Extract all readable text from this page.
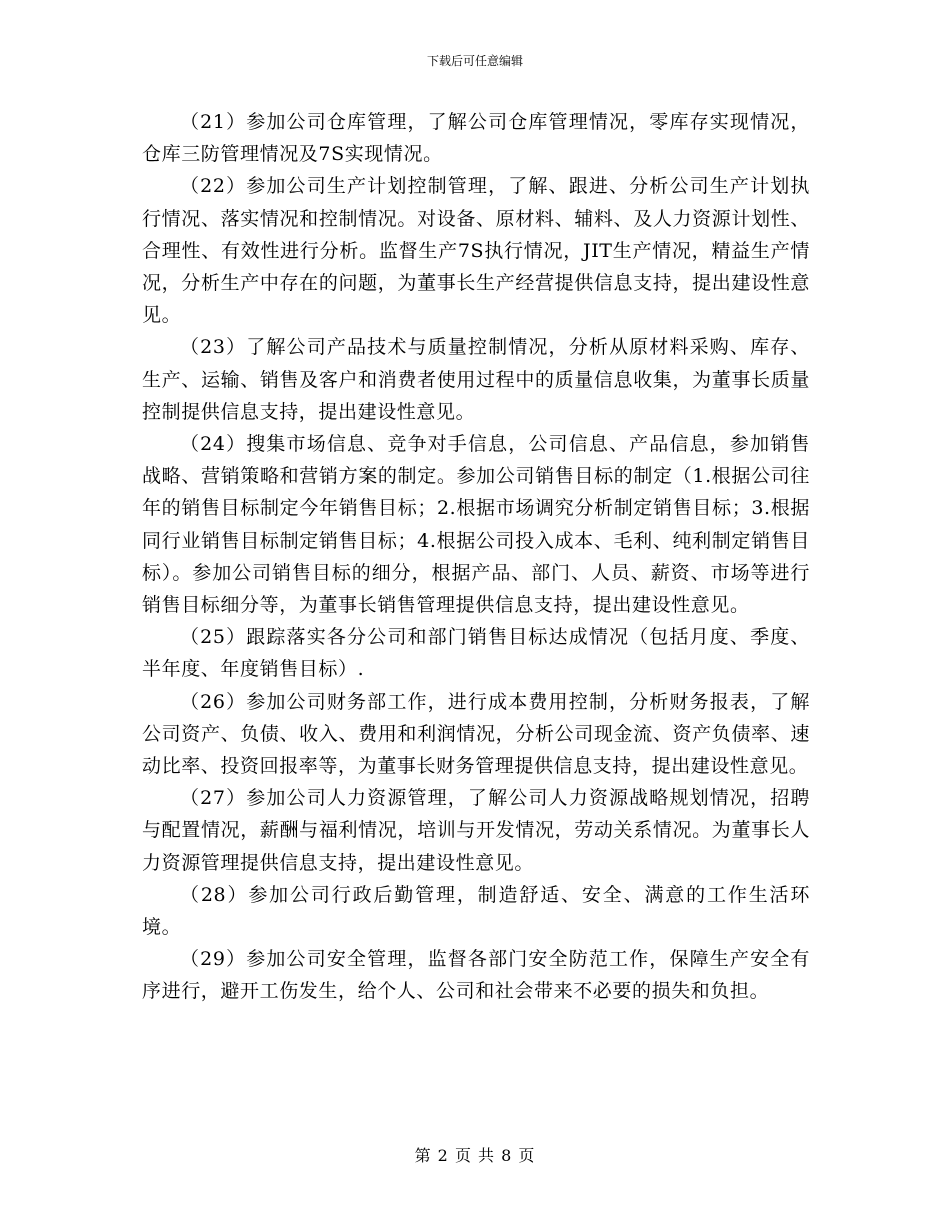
下载后可任意编辑

（21）参加公司仓库管理，了解公司仓库管理情况，零库存实现情况，仓库三防管理情况及7S实现情况。

（22）参加公司生产计划控制管理，了解、跟进、分析公司生产计划执行情况、落实情况和控制情况。对设备、原材料、辅料、及人力资源计划性、合理性、有效性进行分析。监督生产7S执行情况，JIT生产情况，精益生产情况，分析生产中存在的问题，为董事长生产经营提供信息支持，提出建设性意见。

（23）了解公司产品技术与质量控制情况，分析从原材料采购、库存、生产、运输、销售及客户和消费者使用过程中的质量信息收集，为董事长质量控制提供信息支持，提出建设性意见。

（24）搜集市场信息、竞争对手信息，公司信息、产品信息，参加销售战略、营销策略和营销方案的制定。参加公司销售目标的制定（1.根据公司往年的销售目标制定今年销售目标；2.根据市场调究分析制定销售目标；3.根据同行业销售目标制定销售目标；4.根据公司投入成本、毛利、纯利制定销售目标）。参加公司销售目标的细分，根据产品、部门、人员、薪资、市场等进行销售目标细分等，为董事长销售管理提供信息支持，提出建设性意见。

（25）跟踪落实各分公司和部门销售目标达成情况（包括月度、季度、半年度、年度销售目标）.

（26）参加公司财务部工作，进行成本费用控制，分析财务报表，了解公司资产、负债、收入、费用和利润情况，分析公司现金流、资产负债率、速动比率、投资回报率等，为董事长财务管理提供信息支持，提出建设性意见。

（27）参加公司人力资源管理，了解公司人力资源战略规划情况，招聘与配置情况，薪酬与福利情况，培训与开发情况，劳动关系情况。为董事长人力资源管理提供信息支持，提出建设性意见。

（28）参加公司行政后勤管理，制造舒适、安全、满意的工作生活环境。

（29）参加公司安全管理，监督各部门安全防范工作，保障生产安全有序进行，避开工伤发生，给个人、公司和社会带来不必要的损失和负担。

第 2 页 共 8 页
